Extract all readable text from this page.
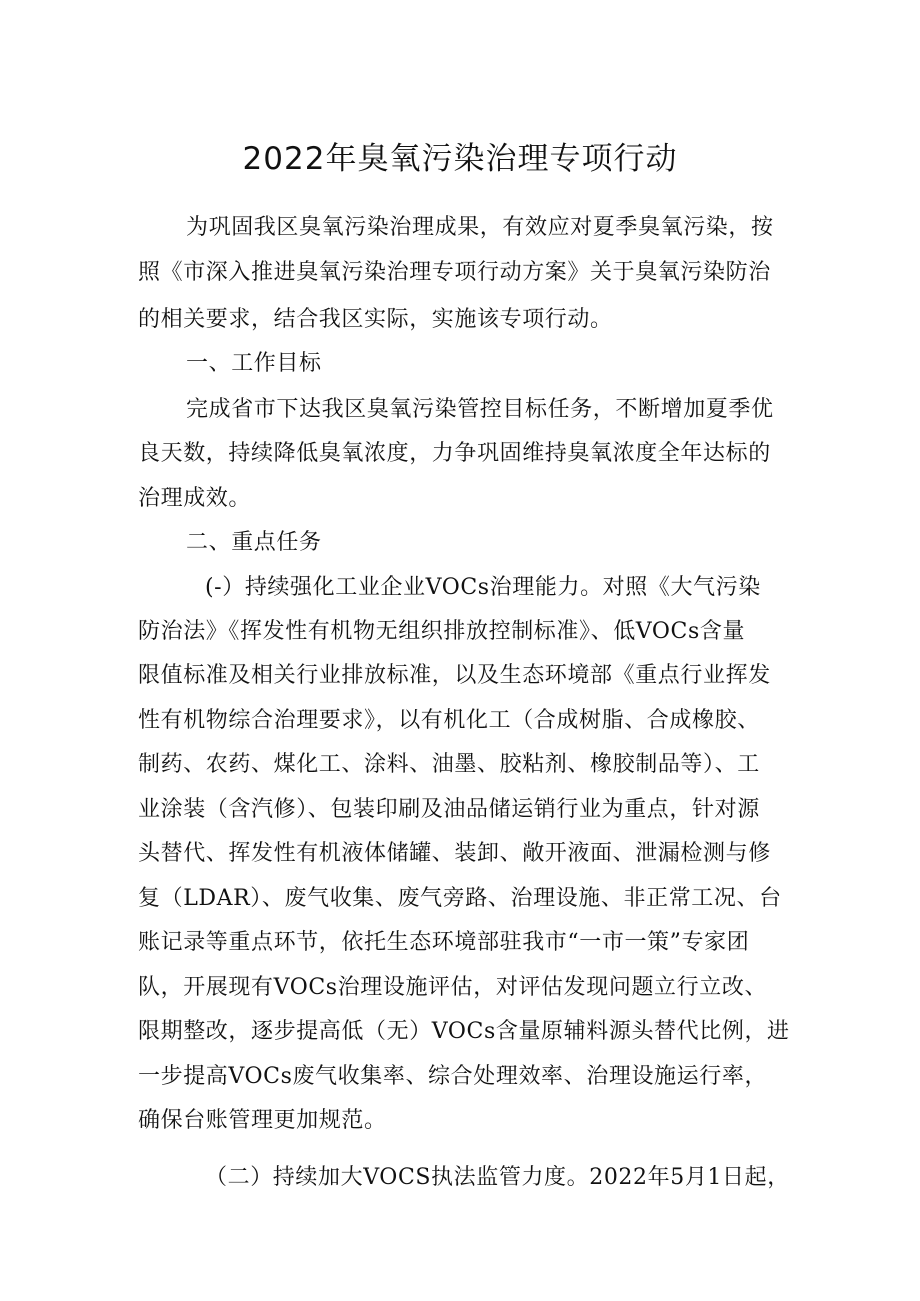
2022年臭氧污染治理专项行动
为巩固我区臭氧污染治理成果，有效应对夏季臭氧污染，按
照《市深入推进臭氧污染治理专项行动方案》关于臭氧污染防治
的相关要求，结合我区实际，实施该专项行动。
一、工作目标
完成省市下达我区臭氧污染管控目标任务，不断增加夏季优
良天数，持续降低臭氧浓度，力争巩固维持臭氧浓度全年达标的
治理成效。
二、重点任务
(-）持续强化工业企业VOCs治理能力。对照《大气污染
防治法》《挥发性有机物无组织排放控制标准》、低VOCs含量
限值标准及相关行业排放标准，以及生态环境部《重点行业挥发
性有机物综合治理要求》，以有机化工（合成树脂、合成橡胶、
制药、农药、煤化工、涂料、油墨、胶粘剂、橡胶制品等）、工
业涂装（含汽修）、包装印刷及油品储运销行业为重点，针对源
头替代、挥发性有机液体储罐、装卸、敞开液面、泄漏检测与修
复（LDAR）、废气收集、废气旁路、治理设施、非正常工况、台
账记录等重点环节，依托生态环境部驻我市“一市一策”专家团
队，开展现有VOCs治理设施评估，对评估发现问题立行立改、
限期整改，逐步提高低（无）VOCs含量原辅料源头替代比例，进
一步提高VOCs废气收集率、综合处理效率、治理设施运行率，
确保台账管理更加规范。
（二）持续加大VOCS执法监管力度。2022年5月1日起，
